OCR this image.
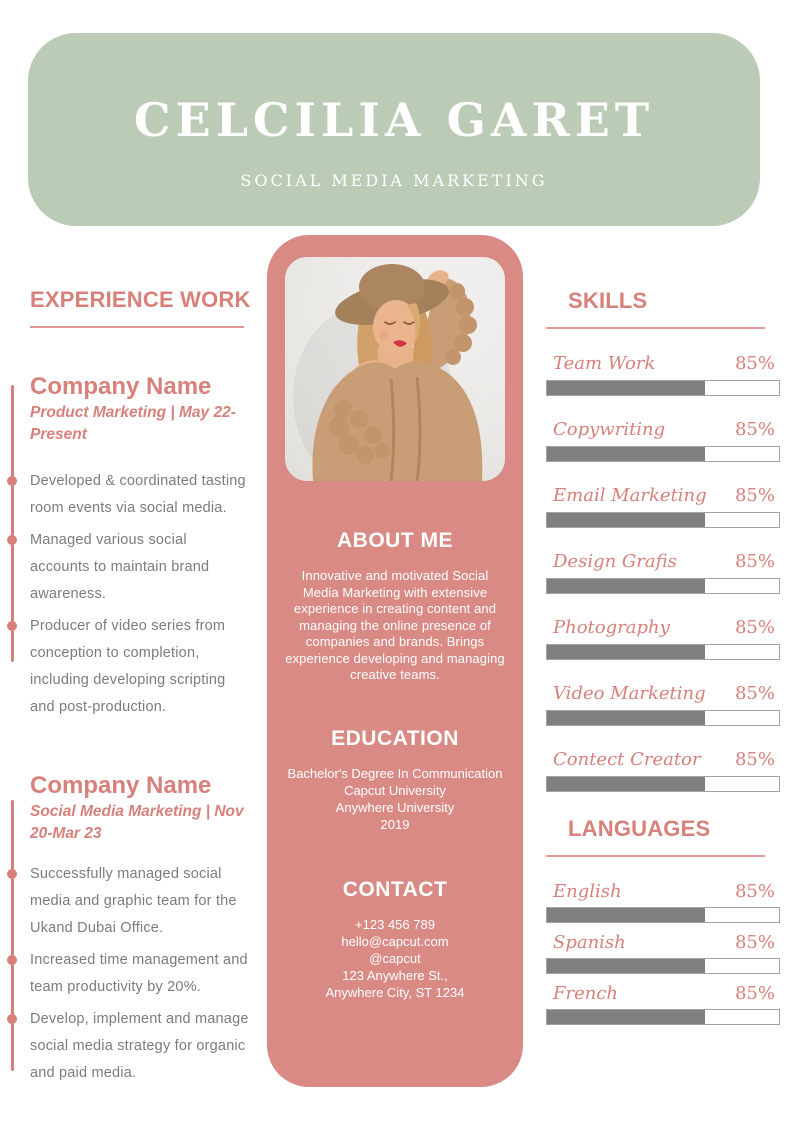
CELCILIA GARET
SOCIAL MEDIA MARKETING
EXPERIENCE WORK
Company Name
Product Marketing | May 22-Present
Developed & coordinated tasting room events via social media.
Managed various social accounts to maintain brand awareness.
Producer of video series from conception to completion, including developing scripting and post-production.
Company Name
Social Media Marketing | Nov 20-Mar 23
Successfully managed social media and graphic team for the Ukand Dubai Office.
Increased time management and team productivity by 20%.
Develop, implement and manage social media strategy for organic and paid media.
ABOUT ME
Innovative and motivated Social Media Marketing with extensive experience in creating content and managing the online presence of companies and brands. Brings experience developing and managing creative teams.
EDUCATION
Bachelor's Degree In Communication
Capcut University
Anywhere University
2019
CONTACT
+123 456 789
hello@capcut.com
@capcut
123 Anywhere St.,
Anywhere City, ST 1234
SKILLS
Team Work	85%
Copywriting	85%
Email Marketing 85%
Design Grafis	85%
Photography	85%
Video Marketing 85%
Contect Creator 85%
LANGUAGES
English	85%
Spanish	85%
French	85%
